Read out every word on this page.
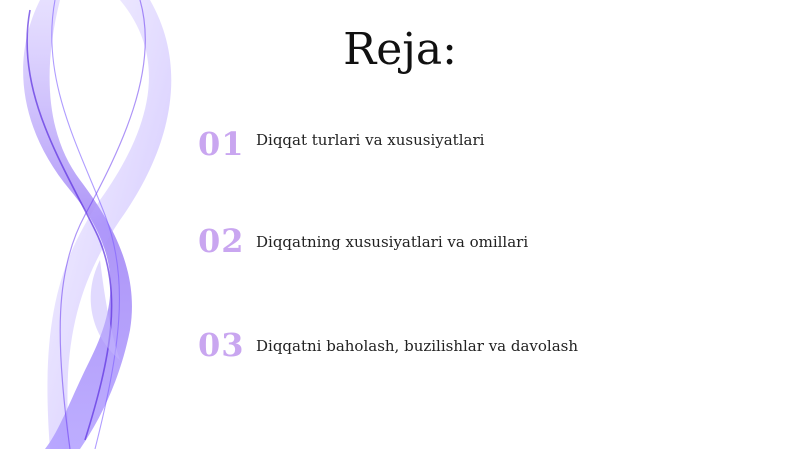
Reja:
01 Diqqat turlari va xususiyatlari
02 Diqqatning xususiyatlari va omillari
03 Diqqatni baholash, buzilishlar va davolash
